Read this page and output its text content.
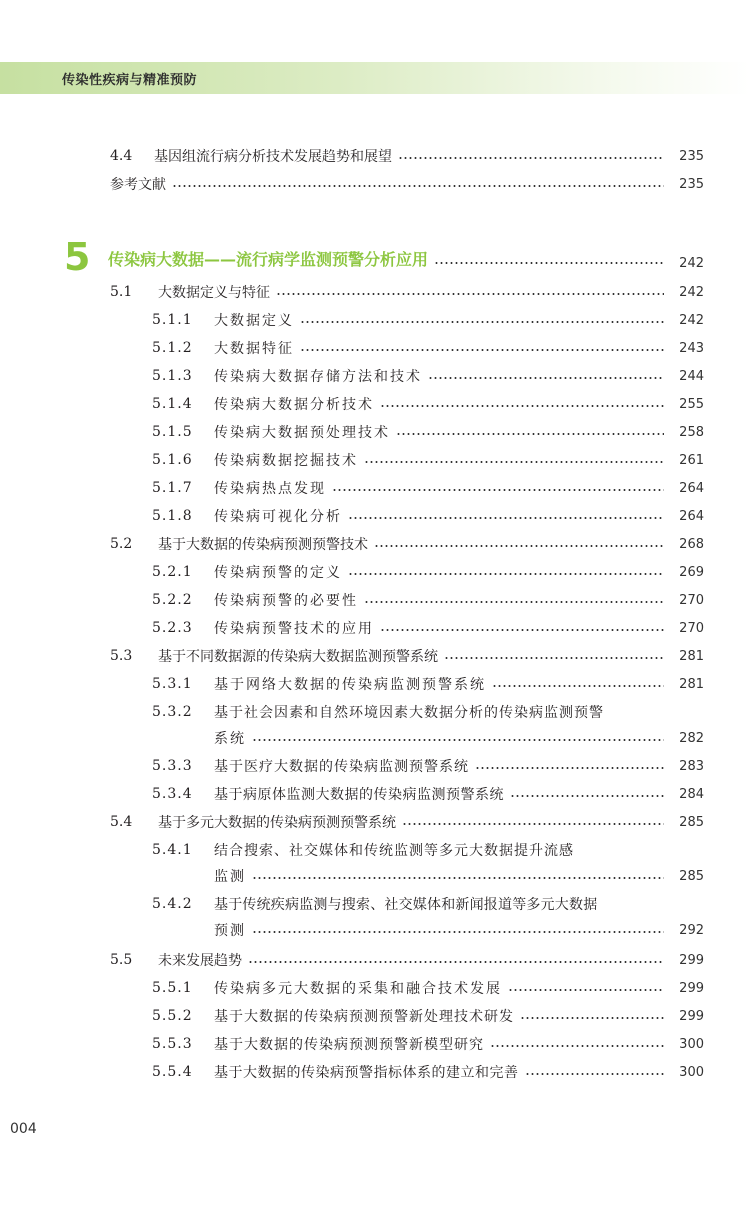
传染性疾病与精准预防
4.4	基因组流行病分析技术发展趋势和展望	235
参考文献	235
5	传染病大数据——流行病学监测预警分析应用	242
5.1	大数据定义与特征	242
5.1.1	大数据定义	242
5.1.2	大数据特征	243
5.1.3	传染病大数据存储方法和技术	244
5.1.4	传染病大数据分析技术	255
5.1.5	传染病大数据预处理技术	258
5.1.6	传染病数据挖掘技术	261
5.1.7	传染病热点发现	264
5.1.8	传染病可视化分析	264
5.2	基于大数据的传染病预测预警技术	268
5.2.1	传染病预警的定义	269
5.2.2	传染病预警的必要性	270
5.2.3	传染病预警技术的应用	270
5.3	基于不同数据源的传染病大数据监测预警系统	281
5.3.1	基于网络大数据的传染病监测预警系统	281
5.3.2	基于社会因素和自然环境因素大数据分析的传染病监测预警
系统	282
5.3.3	基于医疗大数据的传染病监测预警系统	283
5.3.4	基于病原体监测大数据的传染病监测预警系统	284
5.4	基于多元大数据的传染病预测预警系统	285
5.4.1	结合搜索、社交媒体和传统监测等多元大数据提升流感
监测	285
5.4.2	基于传统疾病监测与搜索、社交媒体和新闻报道等多元大数据
预测	292
5.5	未来发展趋势	299
5.5.1	传染病多元大数据的采集和融合技术发展	299
5.5.2	基于大数据的传染病预测预警新处理技术研发	299
5.5.3	基于大数据的传染病预测预警新模型研究	300
5.5.4	基于大数据的传染病预警指标体系的建立和完善	300
004
